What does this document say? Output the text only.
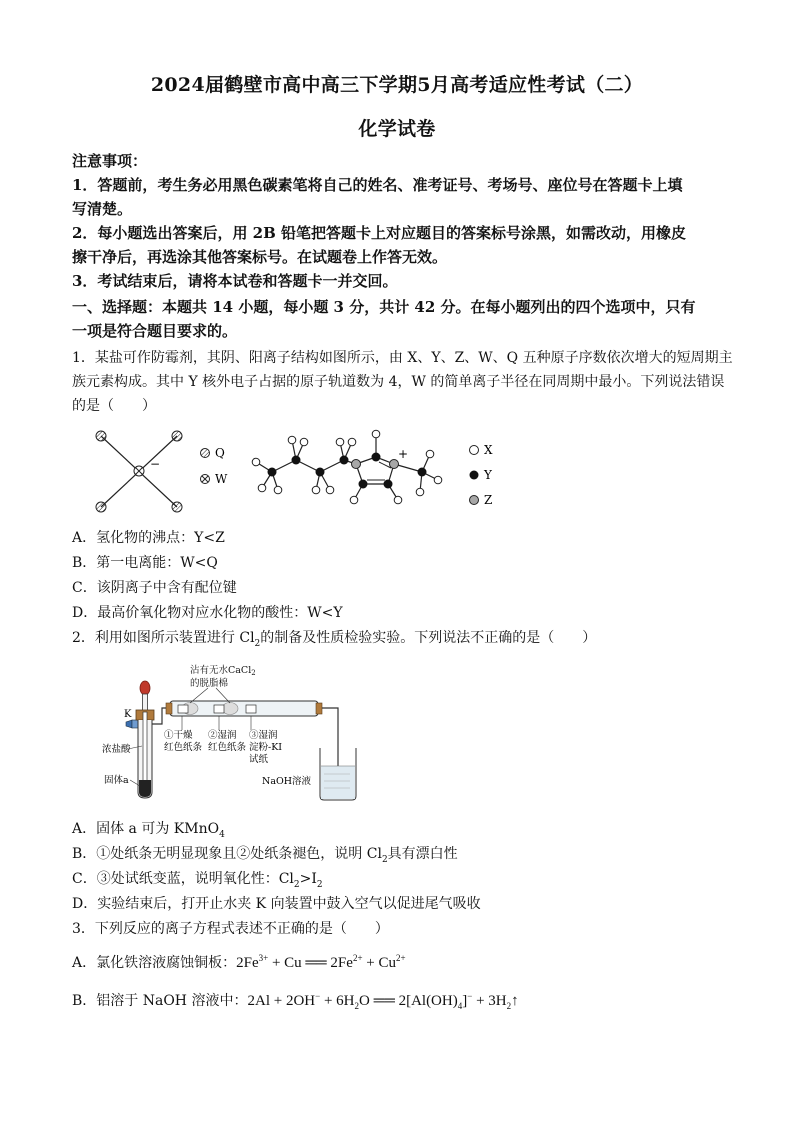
2024届鹤壁市高中高三下学期5月高考适应性考试（二）
化学试卷
注意事项：
1．答题前，考生务必用黑色碳素笔将自己的姓名、准考证号、考场号、座位号在答题卡上填
写清楚。
2．每小题选出答案后，用 2B 铅笔把答题卡上对应题目的答案标号涂黑，如需改动，用橡皮
擦干净后，再选涂其他答案标号。在试题卷上作答无效。
3．考试结束后，请将本试卷和答题卡一并交回。
一、选择题：本题共 14 小题，每小题 3 分，共计 42 分。在每小题列出的四个选项中，只有
一项是符合题目要求的。
1．某盐可作防霉剂，其阴、阳离子结构如图所示，由 X、Y、Z、W、Q 五种原子序数依次增大的短周期主
族元素构成。其中 Y 核外电子占据的原子轨道数为 4，W 的简单离子半径在同周期中最小。下列说法错误
的是（　　）
−
Q
W
+	X
Y
Z
A．氢化物的沸点：Y<Z
B．第一电离能：W<Q
C．该阴离子中含有配位键
D．最高价氧化物对应水化物的酸性：W<Y
2．利用如图所示装置进行 $Cl_2$的制备及性质检验实验。下列说法不正确的是（　　）
沾有无水CaCl$_2$
的脱脂棉
K
浓盐酸
固体a
①干燥
红色纸条
②湿润
红色纸条
③湿润
淀粉-KI
试纸
NaOH溶液
A．固体 a 可为 KMnO$_4$
B．①处纸条无明显现象且②处纸条褪色，说明 $Cl_2$具有漂白性
C．③处试纸变蓝，说明氧化性：$Cl_2>I_2$
D．实验结束后，打开止水夹 K 向装置中鼓入空气以促进尾气吸收
3．下列反应的离子方程式表述不正确的是（　　）
A．氯化铁溶液腐蚀铜板：$2Fe^{3+} + Cu$ ══ $2Fe^{2+} + Cu^{2+}$
B．铝溶于 NaOH 溶液中：$2Al + 2OH^- + 6H_2O$ ══ $2[Al(OH)_4]^-$ + $3H_2↑$
